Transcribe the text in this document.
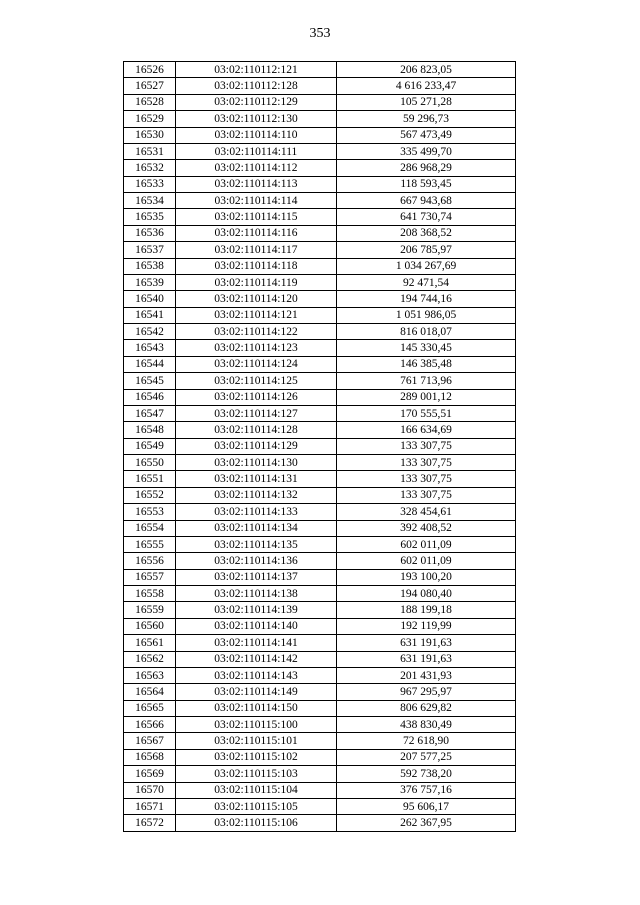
353
16526	03:02:110112:121	206 823,05
16527	03:02:110112:128	4 616 233,47
16528	03:02:110112:129	105 271,28
16529	03:02:110112:130	59 296,73
16530	03:02:110114:110	567 473,49
16531	03:02:110114:111	335 499,70
16532	03:02:110114:112	286 968,29
16533	03:02:110114:113	118 593,45
16534	03:02:110114:114	667 943,68
16535	03:02:110114:115	641 730,74
16536	03:02:110114:116	208 368,52
16537	03:02:110114:117	206 785,97
16538	03:02:110114:118	1 034 267,69
16539	03:02:110114:119	92 471,54
16540	03:02:110114:120	194 744,16
16541	03:02:110114:121	1 051 986,05
16542	03:02:110114:122	816 018,07
16543	03:02:110114:123	145 330,45
16544	03:02:110114:124	146 385,48
16545	03:02:110114:125	761 713,96
16546	03:02:110114:126	289 001,12
16547	03:02:110114:127	170 555,51
16548	03:02:110114:128	166 634,69
16549	03:02:110114:129	133 307,75
16550	03:02:110114:130	133 307,75
16551	03:02:110114:131	133 307,75
16552	03:02:110114:132	133 307,75
16553	03:02:110114:133	328 454,61
16554	03:02:110114:134	392 408,52
16555	03:02:110114:135	602 011,09
16556	03:02:110114:136	602 011,09
16557	03:02:110114:137	193 100,20
16558	03:02:110114:138	194 080,40
16559	03:02:110114:139	188 199,18
16560	03:02:110114:140	192 119,99
16561	03:02:110114:141	631 191,63
16562	03:02:110114:142	631 191,63
16563	03:02:110114:143	201 431,93
16564	03:02:110114:149	967 295,97
16565	03:02:110114:150	806 629,82
16566	03:02:110115:100	438 830,49
16567	03:02:110115:101	72 618,90
16568	03:02:110115:102	207 577,25
16569	03:02:110115:103	592 738,20
16570	03:02:110115:104	376 757,16
16571	03:02:110115:105	95 606,17
16572	03:02:110115:106	262 367,95
